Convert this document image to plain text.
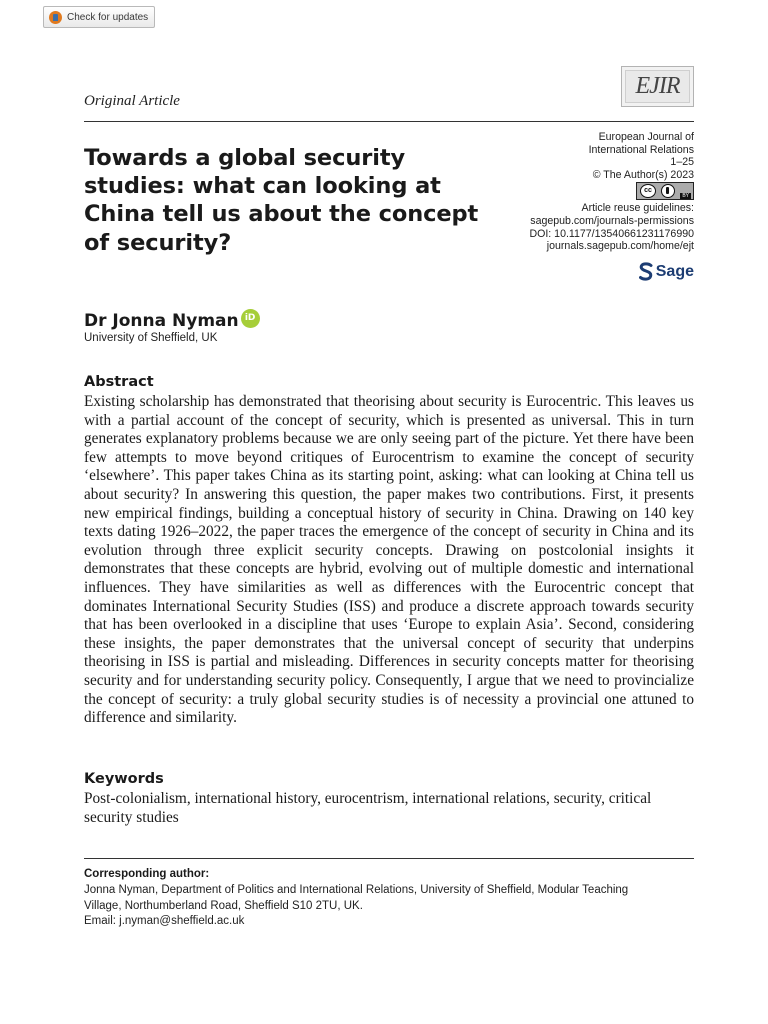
Check for updates
Original Article
EJIR
Towards a global security studies: what can looking at China tell us about the concept of security?
European Journal of
International Relations
1–25
© The Author(s) 2023
cc
BY
Article reuse guidelines:
sagepub.com/journals-permissions
DOI: 10.1177/13540661231176990
journals.sagepub.com/home/ejt
Sage
Dr Jonna Nyman iD
University of Sheffield, UK
Abstract

Existing scholarship has demonstrated that theorising about security is Eurocentric. This leaves us with a partial account of the concept of security, which is presented as universal. This in turn generates explanatory problems because we are only seeing part of the picture. Yet there have been few attempts to move beyond critiques of Eurocentrism to examine the concept of security ‘elsewhere’. This paper takes China as its starting point, asking: what can looking at China tell us about security? In answering this question, the paper makes two contributions. First, it presents new empirical findings, building a conceptual history of security in China. Drawing on 140 key texts dating 1926–2022, the paper traces the emergence of the concept of security in China and its evolution through three explicit security concepts. Drawing on postcolonial insights it demonstrates that these concepts are hybrid, evolving out of multiple domestic and international influences. They have similarities as well as differences with the Eurocentric concept that dominates International Security Studies (ISS) and produce a discrete approach towards security that has been overlooked in a discipline that uses ‘Europe to explain Asia’. Second, considering these insights, the paper demonstrates that the universal concept of security that underpins theorising in ISS is partial and misleading. Differences in security concepts matter for theorising security and for understanding security policy. Consequently, I argue that we need to provincialize the concept of security: a truly global security studies is of necessity a provincial one attuned to difference and similarity.

Keywords

Post-colonialism, international history, eurocentrism, international relations, security, critical security studies

Corresponding author:
Jonna Nyman, Department of Politics and International Relations, University of Sheffield, Modular Teaching
Village, Northumberland Road, Sheffield S10 2TU, UK.
Email: j.nyman@sheffield.ac.uk
